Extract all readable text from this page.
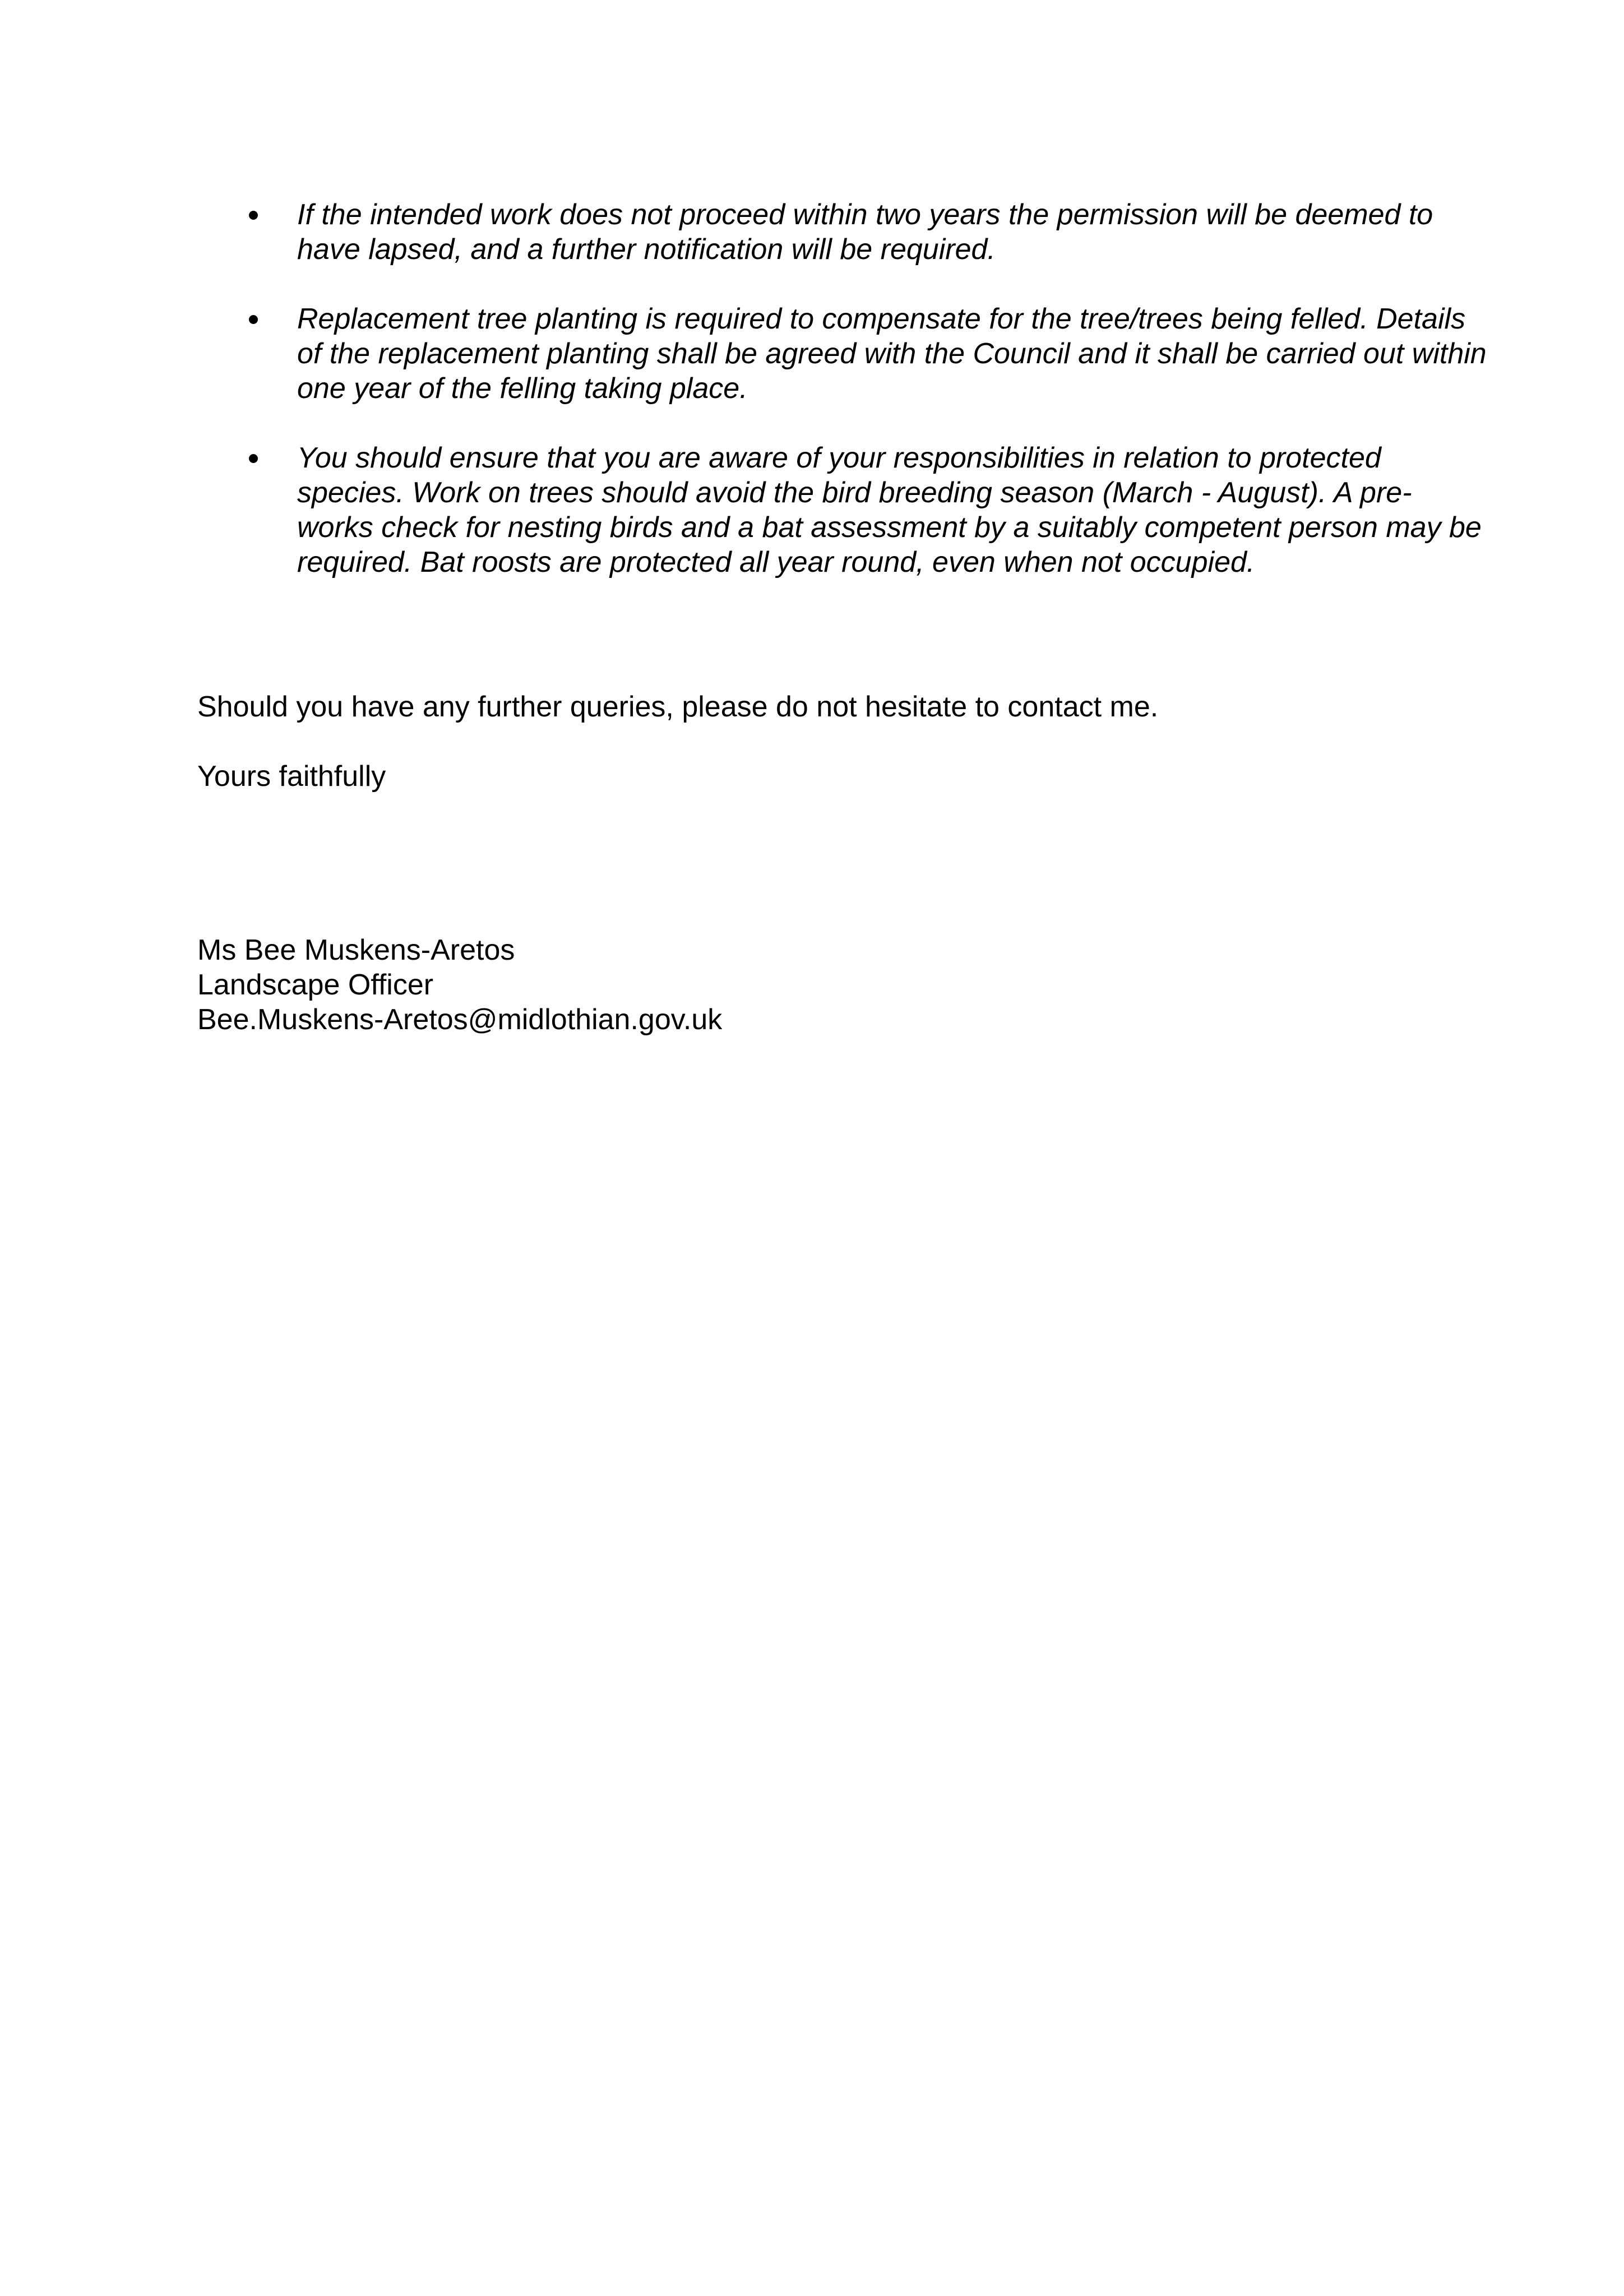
If the intended work does not proceed within two years the permission will be deemed to have lapsed, and a further notification will be required.
Replacement tree planting is required to compensate for the tree/trees being felled. Details of the replacement planting shall be agreed with the Council and it shall be carried out within one year of the felling taking place.
You should ensure that you are aware of your responsibilities in relation to protected species. Work on trees should avoid the bird breeding season (March - August). A pre-works check for nesting birds and a bat assessment by a suitably competent person may be required. Bat roosts are protected all year round, even when not occupied.

Should you have any further queries, please do not hesitate to contact me.

Yours faithfully

Ms Bee Muskens-Aretos
Landscape Officer
Bee.Muskens-Aretos@midlothian.gov.uk
